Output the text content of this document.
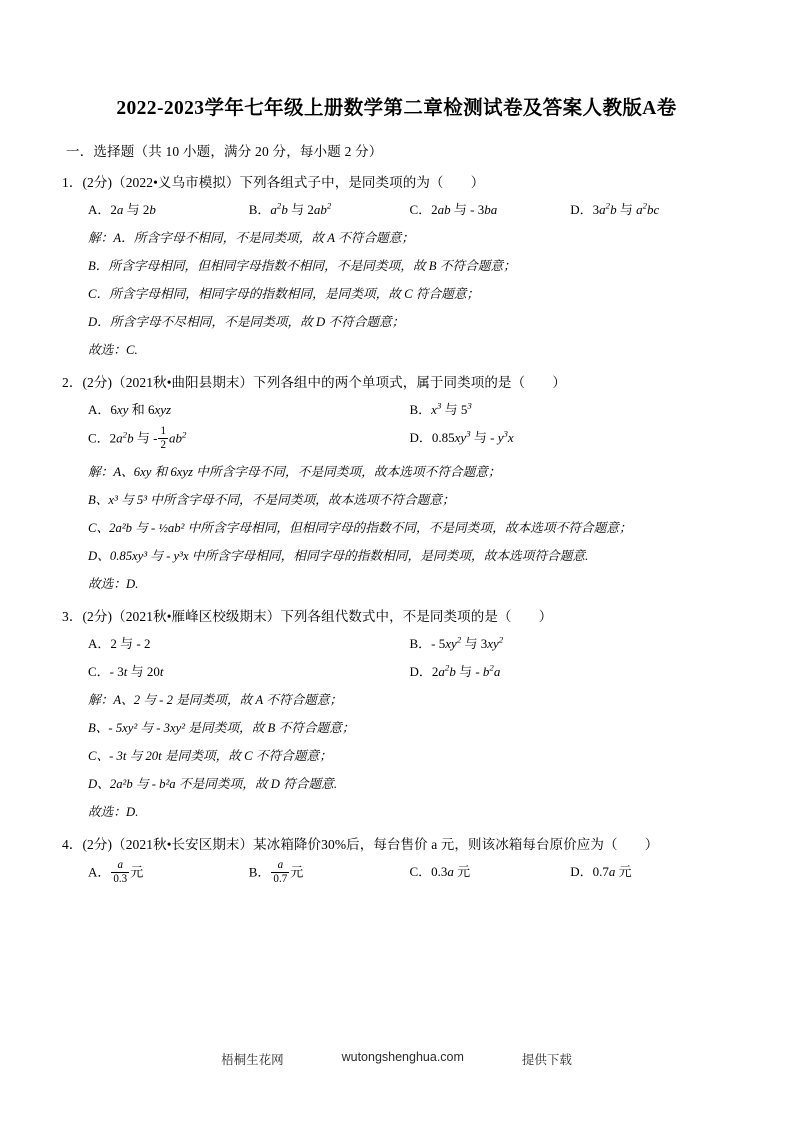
2022-2023学年七年级上册数学第二章检测试卷及答案人教版A卷
一．选择题（共 10 小题，满分 20 分，每小题 2 分）

1．(2分)（2022•义乌市模拟）下列各组式子中，是同类项的为（　　）

A．2a 与 2b	B．$a^2b$ 与 $2ab^2$	C．2ab 与 - 3ba	D．$3a^2b$ 与 $a^2bc$

解：A．所含字母不相同，不是同类项，故 A 不符合题意；

B．所含字母相同，但相同字母指数不相同，不是同类项，故 B 不符合题意；

C．所含字母相同，相同字母的指数相同，是同类项，故 C 符合题意；

D．所含字母不尽相同，不是同类项，故 D 不符合题意；

故选：C.

2．(2分)（2021秋•曲阳县期末）下列各组中的两个单项式，属于同类项的是（　　）

A．6xy 和 6xyz	B．$x^3$ 与 $5^3$
C．$2a^2b$ 与 - $\frac{1}{2} ab^2$	D．$0.85xy^3$ 与 - $y^3x$

解：A、6xy 和 6xyz 中所含字母不同，不是同类项，故本选项不符合题意；

B、x³ 与 5³ 中所含字母不同，不是同类项，故本选项不符合题意；

C、2a²b 与 - ½ab² 中所含字母相同，但相同字母的指数不同，不是同类项，故本选项不符合题意；

D、0.85xy³ 与 - y³x 中所含字母相同，相同字母的指数相同，是同类项，故本选项符合题意.

故选：D.

3．(2分)（2021秋•雁峰区校级期末）下列各组代数式中，不是同类项的是（　　）

A．2 与 - 2	B．- $5xy^2$ 与 $3xy^2$
C．- 3t 与 20t	D．$2a^2b$ 与 - $b^2a$

解：A、2 与 - 2 是同类项，故 A 不符合题意；

B、- 5xy² 与 - 3xy² 是同类项，故 B 不符合题意；

C、- 3t 与 20t 是同类项，故 C 不符合题意；

D、2a²b 与 - b²a 不是同类项，故 D 符合题意.

故选：D.

4．(2分)（2021秋•长安区期末）某冰箱降价30%后，每台售价 a 元，则该冰箱每台原价应为（　　）

A． $\frac{a}{0.3}$ 元	B． $\frac{a}{0.7}$ 元	C．0.3a 元	D．0.7a 元
梧桐生花网	wutongshenghua.com	提供下载
